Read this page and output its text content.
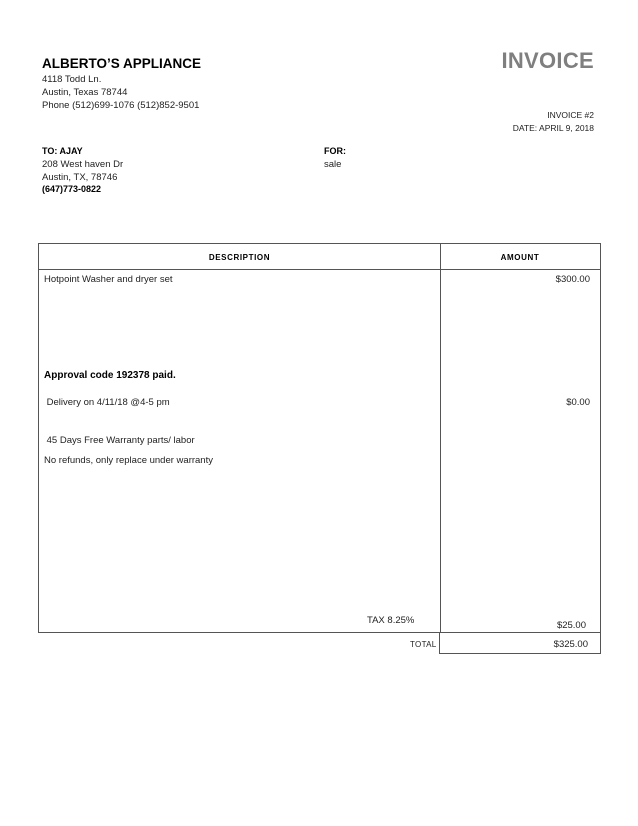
ALBERTO’S APPLIANCE
4118 Todd Ln.
Austin, Texas 78744
Phone (512)699-1076 (512)852-9501
INVOICE
INVOICE #2
DATE: APRIL 9, 2018
TO: AJAY
208 West haven Dr
Austin, TX, 78746
(647)773-0822
FOR:
sale
DESCRIPTION	AMOUNT
Hotpoint Washer and dryer set	$300.00
Approval code 192378 paid.
Delivery on 4/11/18 @4-5 pm	$0.00
45 Days Free Warranty parts/ labor
No refunds, only replace under warranty
TAX 8.25%	$25.00
TOTAL	$325.00
